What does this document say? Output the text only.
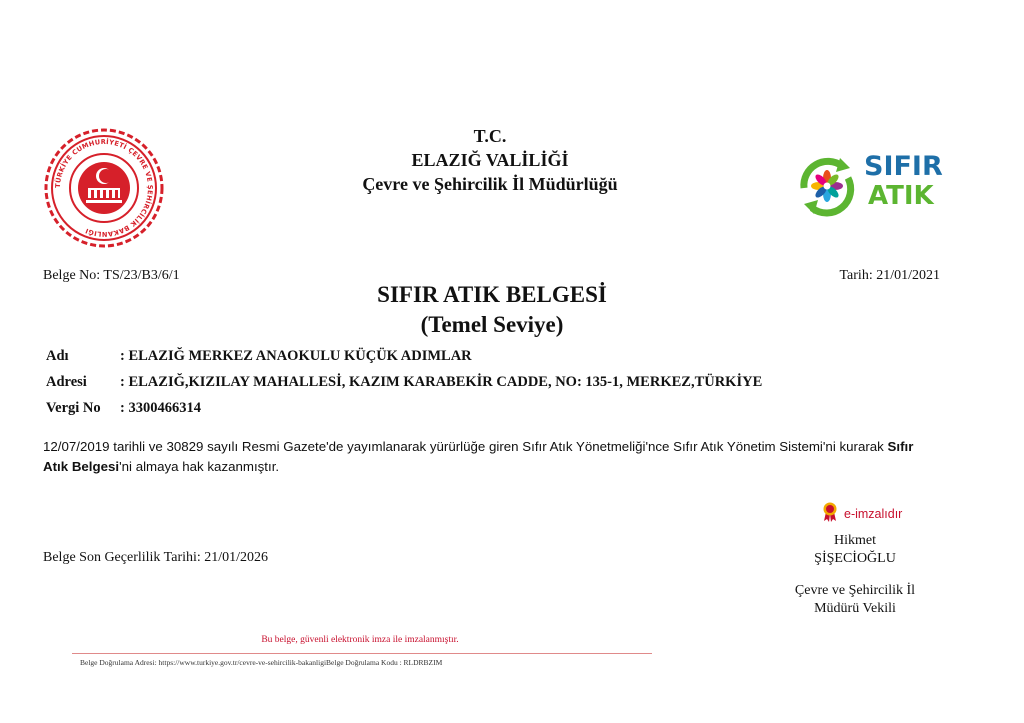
T.C.
ELAZIĞ VALİLİĞİ
Çevre ve Şehircilik İl Müdürlüğü
TÜRKİYE CUMHURİYETİ ÇEVRE VE ŞEHİRCİLİK BAKANLIĞI
SIFIR
ATIK
Belge No: TS/23/B3/6/1	Tarih: 21/01/2021
SIFIR ATIK BELGESİ
(Temel Seviye)
Adı	: ELAZIĞ MERKEZ ANAOKULU KÜÇÜK ADIMLAR
Adresi	: ELAZIĞ,KIZILAY MAHALLESİ, KAZIM KARABEKİR CADDE, NO: 135-1, MERKEZ,TÜRKİYE
Vergi No	: 3300466314
12/07/2019 tarihli ve 30829 sayılı Resmi Gazete'de yayımlanarak yürürlüğe giren Sıfır Atık Yönetmeliği'nce Sıfır Atık Yönetim Sistemi'ni kurarak Sıfır Atık Belgesi'ni almaya hak kazanmıştır.
Belge Son Geçerlilik Tarihi: 21/01/2026
e-imzalıdır
Hikmet
ŞİŞECİOĞLU
Çevre ve Şehircilik İl
Müdürü Vekili
Bu belge, güvenli elektronik imza ile imzalanmıştır.
Belge Doğrulama Adresi: https://www.turkiye.gov.tr/cevre-ve-sehircilik-bakanligiBelge Doğrulama Kodu : RLDRBZIM
